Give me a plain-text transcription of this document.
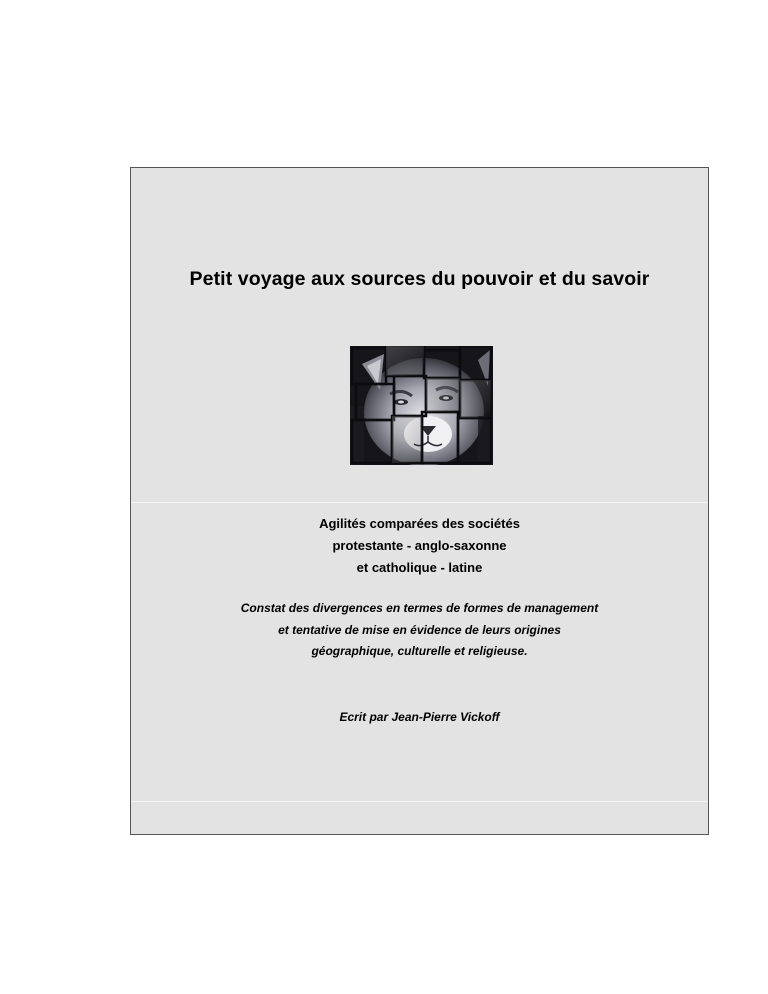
Petit voyage aux sources du pouvoir et du savoir
Agilités comparées des sociétés
protestante - anglo-saxonne
et catholique - latine
Constat des divergences en termes de formes de management
et tentative de mise en évidence de leurs origines
géographique, culturelle et religieuse.
Ecrit par Jean-Pierre Vickoff
